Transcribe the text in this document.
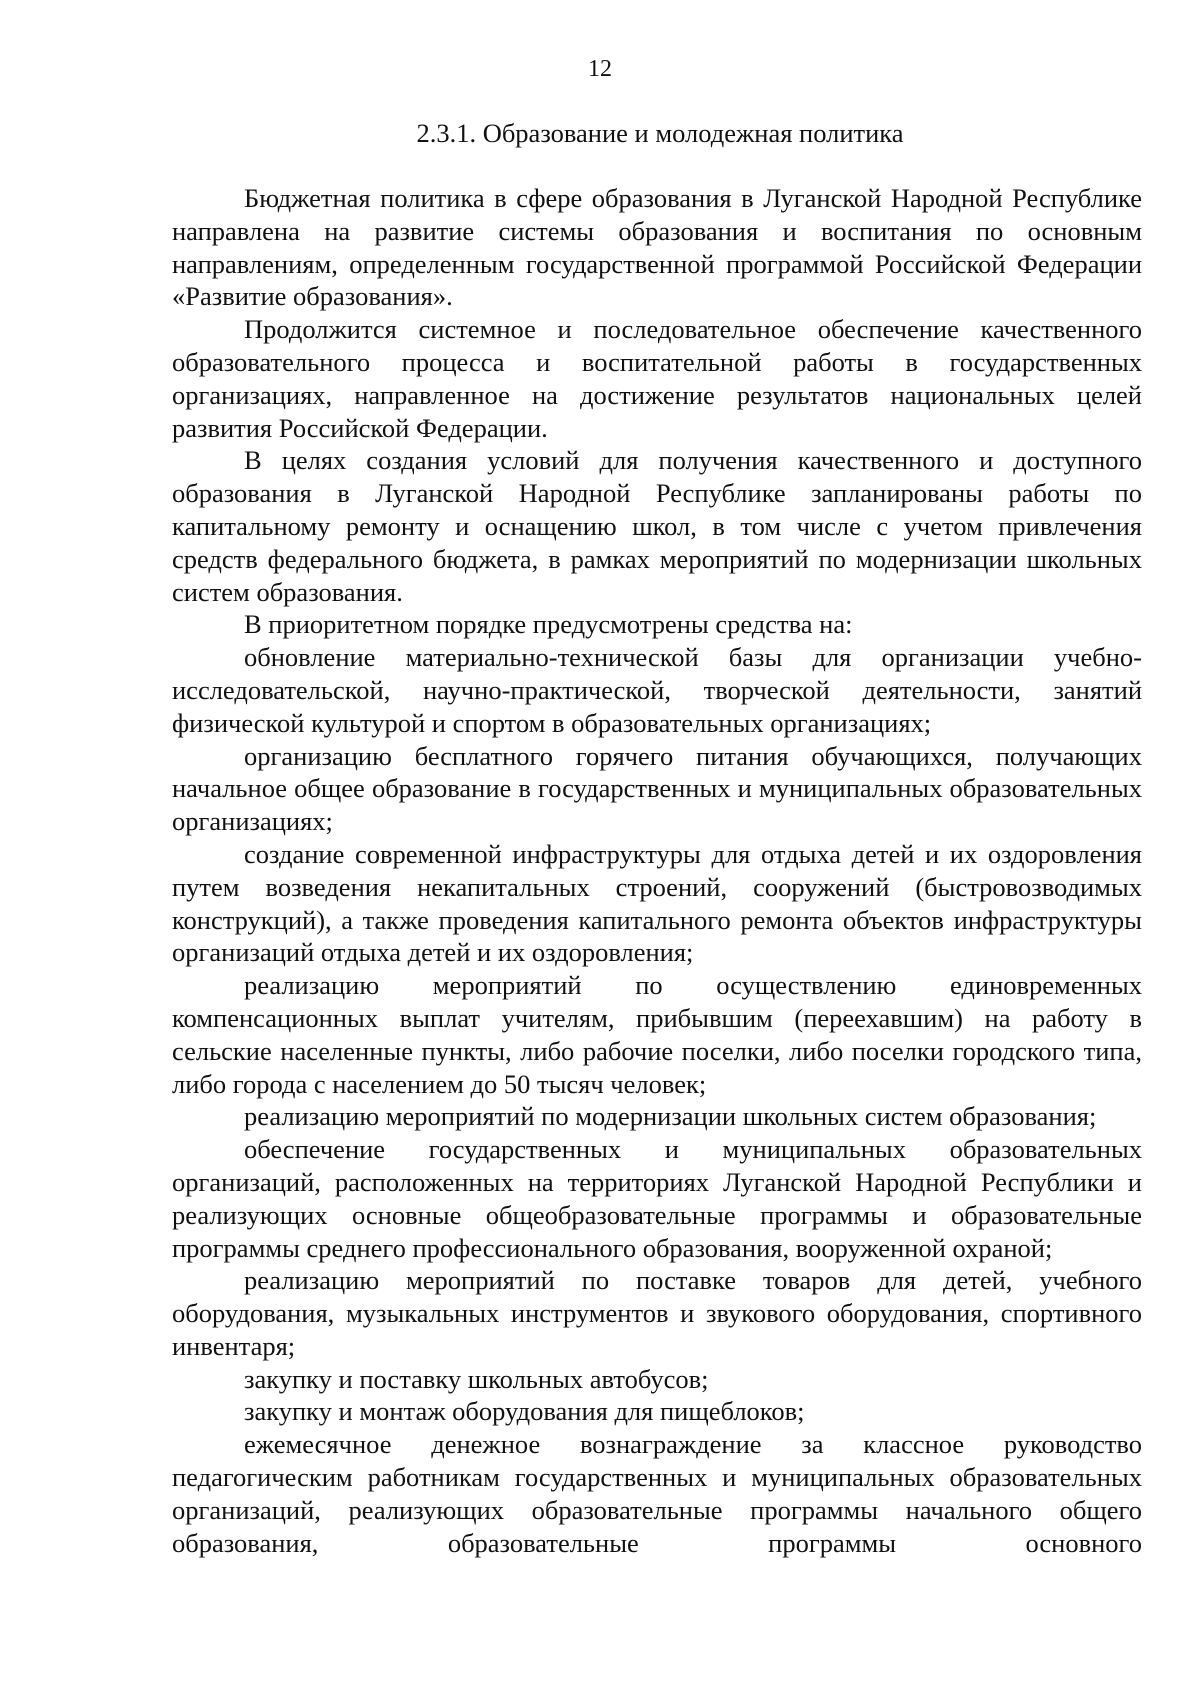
12
2.3.1. Образование и молодежная политика

Бюджетная политика в сфере образования в Луганской Народной Республике направлена на развитие системы образования и воспитания по основным направлениям, определенным государственной программой Российской Федерации «Развитие образования».

Продолжится системное и последовательное обеспечение качественного образовательного процесса и воспитательной работы в государственных организациях, направленное на достижение результатов национальных целей развития Российской Федерации.

В целях создания условий для получения качественного и доступного образования в Луганской Народной Республике запланированы работы по капитальному ремонту и оснащению школ, в том числе с учетом привлечения средств федерального бюджета, в рамках мероприятий по модернизации школьных систем образования.

В приоритетном порядке предусмотрены средства на:

обновление материально-технической базы для организации учебно-исследовательской, научно-практической, творческой деятельности, занятий физической культурой и спортом в образовательных организациях;

организацию бесплатного горячего питания обучающихся, получающих начальное общее образование в государственных и муниципальных образовательных организациях;

создание современной инфраструктуры для отдыха детей и их оздоровления путем возведения некапитальных строений, сооружений (быстровозводимых конструкций), а также проведения капитального ремонта объектов инфраструктуры организаций отдыха детей и их оздоровления;

реализацию мероприятий по осуществлению единовременных компенсационных выплат учителям, прибывшим (переехавшим) на работу в сельские населенные пункты, либо рабочие поселки, либо поселки городского типа, либо города с населением до 50 тысяч человек;

реализацию мероприятий по модернизации школьных систем образования;

обеспечение государственных и муниципальных образовательных организаций, расположенных на территориях Луганской Народной Республики и реализующих основные общеобразовательные программы и образовательные программы среднего профессионального образования, вооруженной охраной;

реализацию мероприятий по поставке товаров для детей, учебного оборудования, музыкальных инструментов и звукового оборудования, спортивного инвентаря;

закупку и поставку школьных автобусов;

закупку и монтаж оборудования для пищеблоков;

ежемесячное денежное вознаграждение за классное руководство педагогическим работникам государственных и муниципальных образовательных организаций, реализующих образовательные программы начального общего образования, образовательные программы основного
